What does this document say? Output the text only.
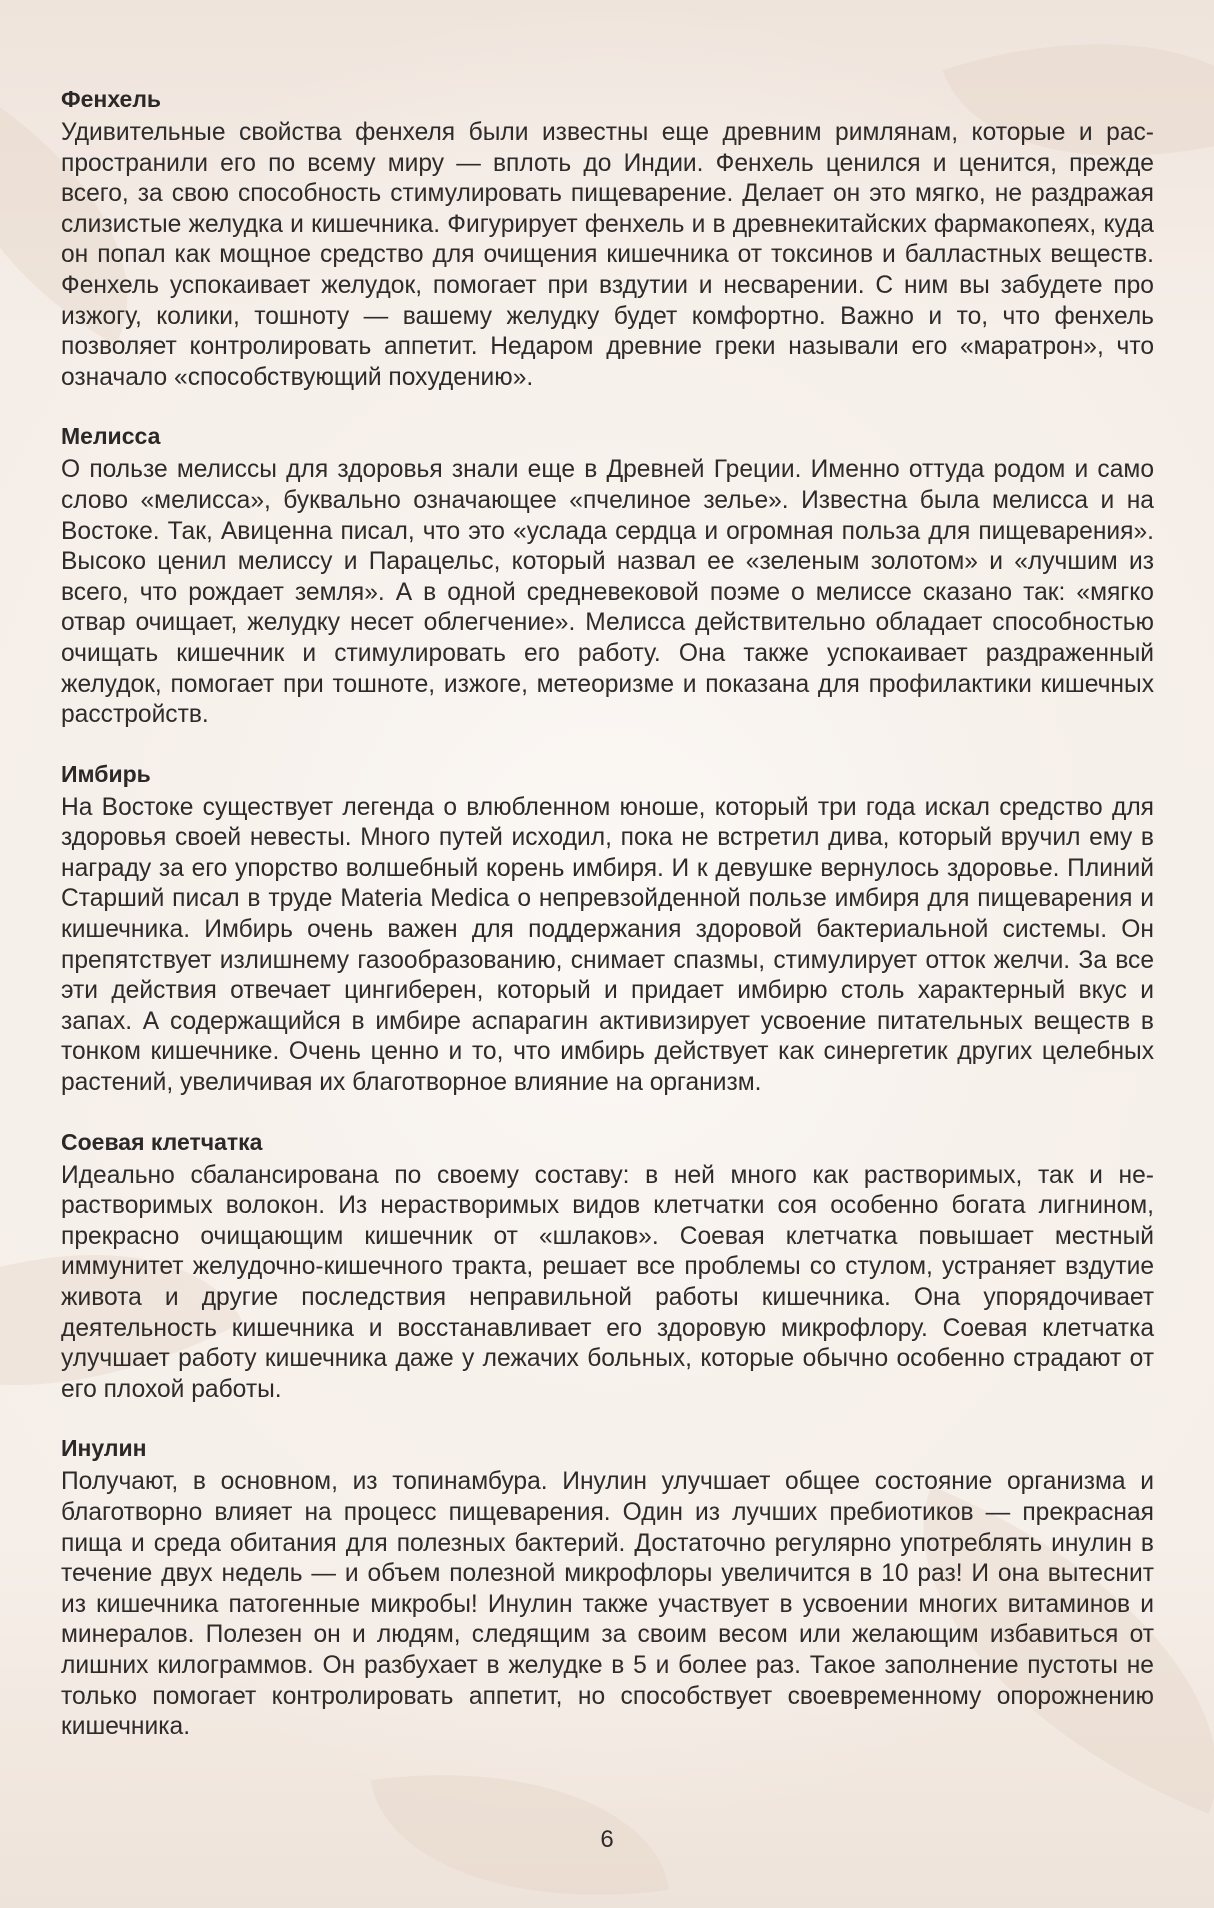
Фенхель

Удивительные свойства фенхеля были известны еще древним римлянам, которые и распространили его по всему миру — вплоть до Индии. Фенхель ценился и ценится, прежде всего, за свою способность стимулировать пищеварение. Делает он это мягко, не раздражая слизистые желудка и кишечника. Фигурирует фенхель и в древнекитайских фармакопеях, куда он попал как мощное средство для очищения кишечника от токсинов и балластных веществ. Фенхель успокаивает желудок, помогает при вздутии и несварении. С ним вы забудете про изжогу, колики, тошноту — вашему желудку будет комфортно. Важно и то, что фенхель позволяет контролировать аппетит. Недаром древние греки называли его «маратрон», что означало «способствующий похудению».

Мелисса

О пользе мелиссы для здоровья знали еще в Древней Греции. Именно оттуда родом и само слово «мелисса», буквально означающее «пчелиное зелье». Известна была мелисса и на Востоке. Так, Авиценна писал, что это «услада сердца и огромная польза для пищеварения». Высоко ценил мелиссу и Парацельс, который назвал ее «зеленым золотом» и «лучшим из всего, что рождает земля». А в одной средневековой поэме о мелиссе сказано так: «мягко отвар очищает, желудку несет облегчение». Мелисса действительно обладает способностью очищать кишечник и стимулировать его работу. Она также успокаивает раздраженный желудок, помогает при тошноте, изжоге, метеоризме и показана для профилактики кишечных расстройств.

Имбирь

На Востоке существует легенда о влюбленном юноше, который три года искал средство для здоровья своей невесты. Много путей исходил, пока не встретил дива, который вручил ему в награду за его упорство волшебный корень имбиря. И к девушке вернулось здоровье. Плиний Старший писал в труде Materia Medica о непревзойденной пользе имбиря для пищеварения и кишечника. Имбирь очень важен для поддержания здоровой бактериальной системы. Он препятствует излишнему газообразованию, снимает спазмы, стимулирует отток желчи. За все эти действия отвечает цингиберен, который и придает имбирю столь характерный вкус и запах. А содержащийся в имбире аспарагин активизирует усвоение питательных веществ в тонком кишечнике. Очень ценно и то, что имбирь действует как синергетик других целебных растений, увеличивая их благотворное влияние на организм.

Соевая клетчатка

Идеально сбалансирована по своему составу: в ней много как растворимых, так и нерастворимых волокон. Из нерастворимых видов клетчатки соя особенно богата лигнином, прекрасно очищающим кишечник от «шлаков». Соевая клетчатка повышает местный иммунитет желудочно-кишечного тракта, решает все проблемы со стулом, устраняет вздутие живота и другие последствия неправильной работы кишечника. Она упорядочивает деятельность кишечника и восстанавливает его здоровую микрофлору. Соевая клетчатка улучшает работу кишечника даже у лежачих больных, которые обычно особенно страдают от его плохой работы.

Инулин

Получают, в основном, из топинамбура. Инулин улучшает общее состояние организма и благотворно влияет на процесс пищеварения. Один из лучших пребиотиков — прекрасная пища и среда обитания для полезных бактерий. Достаточно регулярно употреблять инулин в течение двух недель — и объем полезной микрофлоры увеличится в 10 раз! И она вытеснит из кишечника патогенные микробы! Инулин также участвует в усвоении многих витаминов и минералов. Полезен он и людям, следящим за своим весом или желающим избавиться от лишних килограммов. Он разбухает в желудке в 5 и более раз. Такое заполнение пустоты не только помогает контролировать аппетит, но способствует своевременному опорожнению кишечника.

6
